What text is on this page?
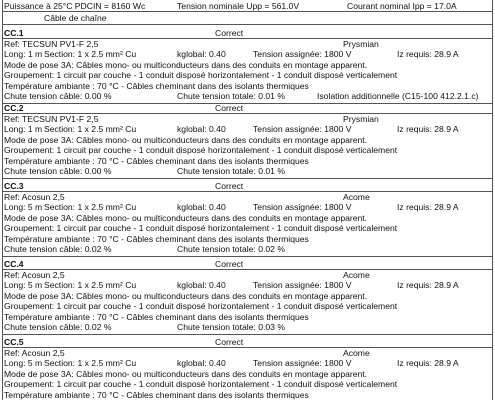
Puissance à 25°C PDCIN = 8160 Wc	Tension nominale Upp = 561.0V	Courant nominal Ipp = 17.0A
Câble de chaîne
CC.1	Correct
Ref: TECSUN PV1-F 2,5	Prysmian
Long: 1 m Section: 1 x 2.5 mm² Cu	kglobal: 0.40	Tension assignée: 1800 V	Iz requis: 28.9 A
Mode de pose 3A: Câbles mono- ou multiconducteurs dans des conduits en montage apparent.
Groupement: 1 circuit par couche - 1 conduit disposé horizontalement - 1 conduit disposé verticalement
Température ambiante : 70 °C - Câbles cheminant dans des isolants thermiques
Chute tension câble: 0.00 %	Chute tension totale: 0.01 %	Isolation additionnelle (C15-100 412.2.1.c)
CC.2	Correct
Ref: TECSUN PV1-F 2,5	Prysmian
Long: 1 m Section: 1 x 2.5 mm² Cu	kglobal: 0.40	Tension assignée: 1800 V	Iz requis: 28.9 A
Mode de pose 3A: Câbles mono- ou multiconducteurs dans des conduits en montage apparent.
Groupement: 1 circuit par couche - 1 conduit disposé horizontalement - 1 conduit disposé verticalement
Température ambiante : 70 °C - Câbles cheminant dans des isolants thermiques
Chute tension câble: 0.00 %	Chute tension totale: 0.01 %
CC.3	Correct
Ref: Acosun 2,5	Acome
Long: 5 m Section: 1 x 2.5 mm² Cu	kglobal: 0.40	Tension assignée: 1800 V	Iz requis: 28.9 A
Mode de pose 3A: Câbles mono- ou multiconducteurs dans des conduits en montage apparent.
Groupement: 1 circuit par couche - 1 conduit disposé horizontalement - 1 conduit disposé verticalement
Température ambiante : 70 °C - Câbles cheminant dans des isolants thermiques
Chute tension câble: 0.02 %	Chute tension totale: 0.02 %
CC.4	Correct
Ref: Acosun 2,5	Acome
Long: 5 m Section: 1 x 2.5 mm² Cu	kglobal: 0.40	Tension assignée: 1800 V	Iz requis: 28.9 A
Mode de pose 3A: Câbles mono- ou multiconducteurs dans des conduits en montage apparent.
Groupement: 1 circuit par couche - 1 conduit disposé horizontalement - 1 conduit disposé verticalement
Température ambiante : 70 °C - Câbles cheminant dans des isolants thermiques
Chute tension câble: 0.02 %	Chute tension totale: 0.03 %
CC.5	Correct
Ref: Acosun 2,5	Acome
Long: 5 m Section: 1 x 2.5 mm² Cu	kglobal: 0.40	Tension assignée: 1800 V	Iz requis: 28.9 A
Mode de pose 3A: Câbles mono- ou multiconducteurs dans des conduits en montage apparent.
Groupement: 1 circuit par couche - 1 conduit disposé horizontalement - 1 conduit disposé verticalement
Température ambiante : 70 °C - Câbles cheminant dans des isolants thermiques
